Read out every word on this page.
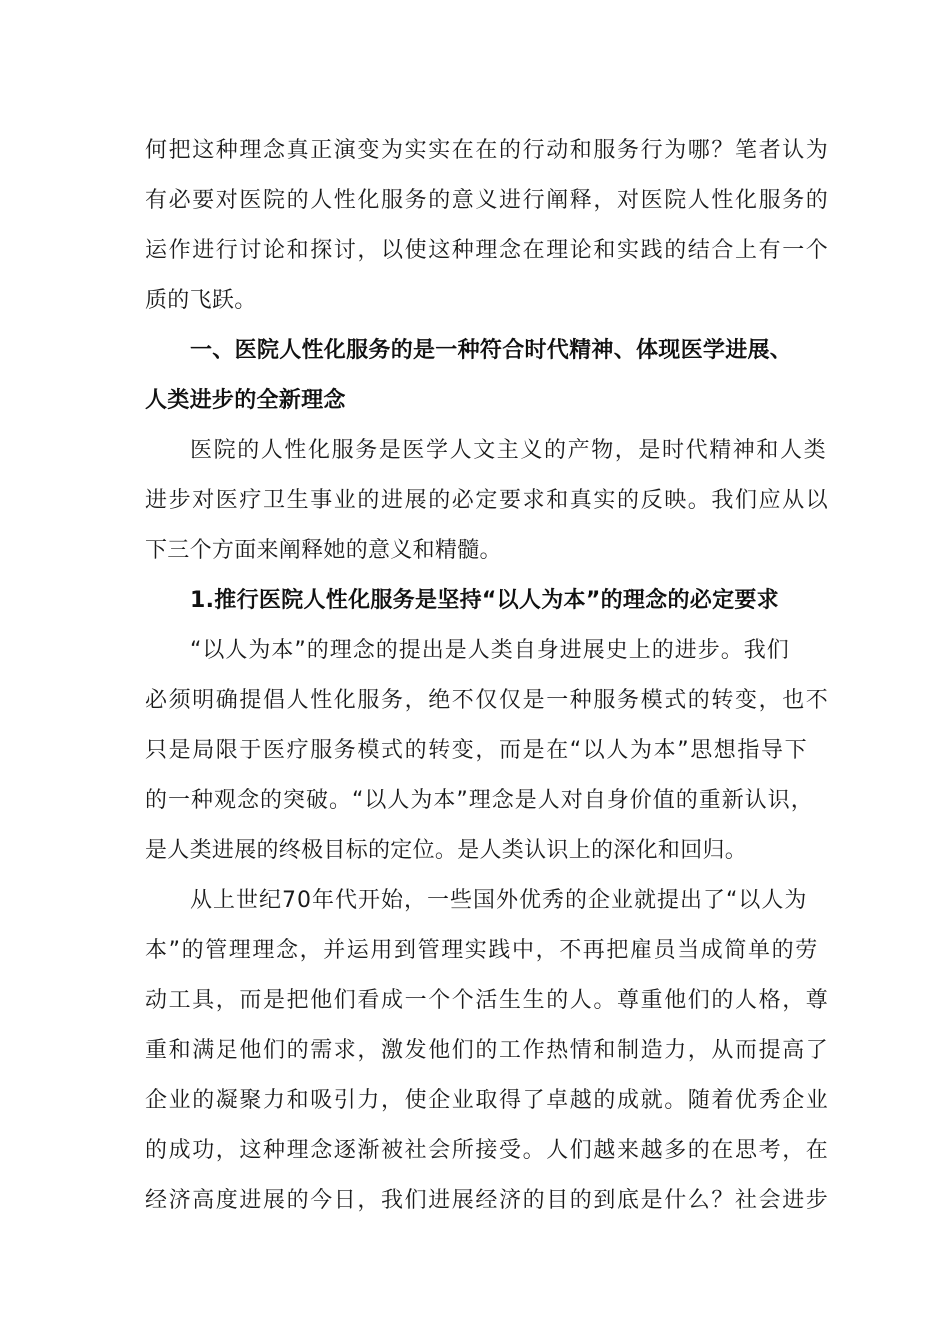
何把这种理念真正演变为实实在在的行动和服务行为哪？笔者认为
有必要对医院的人性化服务的意义进行阐释，对医院人性化服务的
运作进行讨论和探讨，以使这种理念在理论和实践的结合上有一个
质的飞跃。
一、医院人性化服务的是一种符合时代精神、体现医学进展、
人类进步的全新理念
医院的人性化服务是医学人文主义的产物，是时代精神和人类
进步对医疗卫生事业的进展的必定要求和真实的反映。我们应从以
下三个方面来阐释她的意义和精髓。
1.推行医院人性化服务是坚持“以人为本”的理念的必定要求
“以人为本”的理念的提出是人类自身进展史上的进步。我们
必须明确提倡人性化服务，绝不仅仅是一种服务模式的转变，也不
只是局限于医疗服务模式的转变，而是在“以人为本”思想指导下
的一种观念的突破。“以人为本”理念是人对自身价值的重新认识，
是人类进展的终极目标的定位。是人类认识上的深化和回归。
从上世纪70年代开始，一些国外优秀的企业就提出了“以人为
本”的管理理念，并运用到管理实践中，不再把雇员当成简单的劳
动工具，而是把他们看成一个个活生生的人。尊重他们的人格，尊
重和满足他们的需求，激发他们的工作热情和制造力，从而提高了
企业的凝聚力和吸引力，使企业取得了卓越的成就。随着优秀企业
的成功，这种理念逐渐被社会所接受。人们越来越多的在思考，在
经济高度进展的今日，我们进展经济的目的到底是什么？社会进步
